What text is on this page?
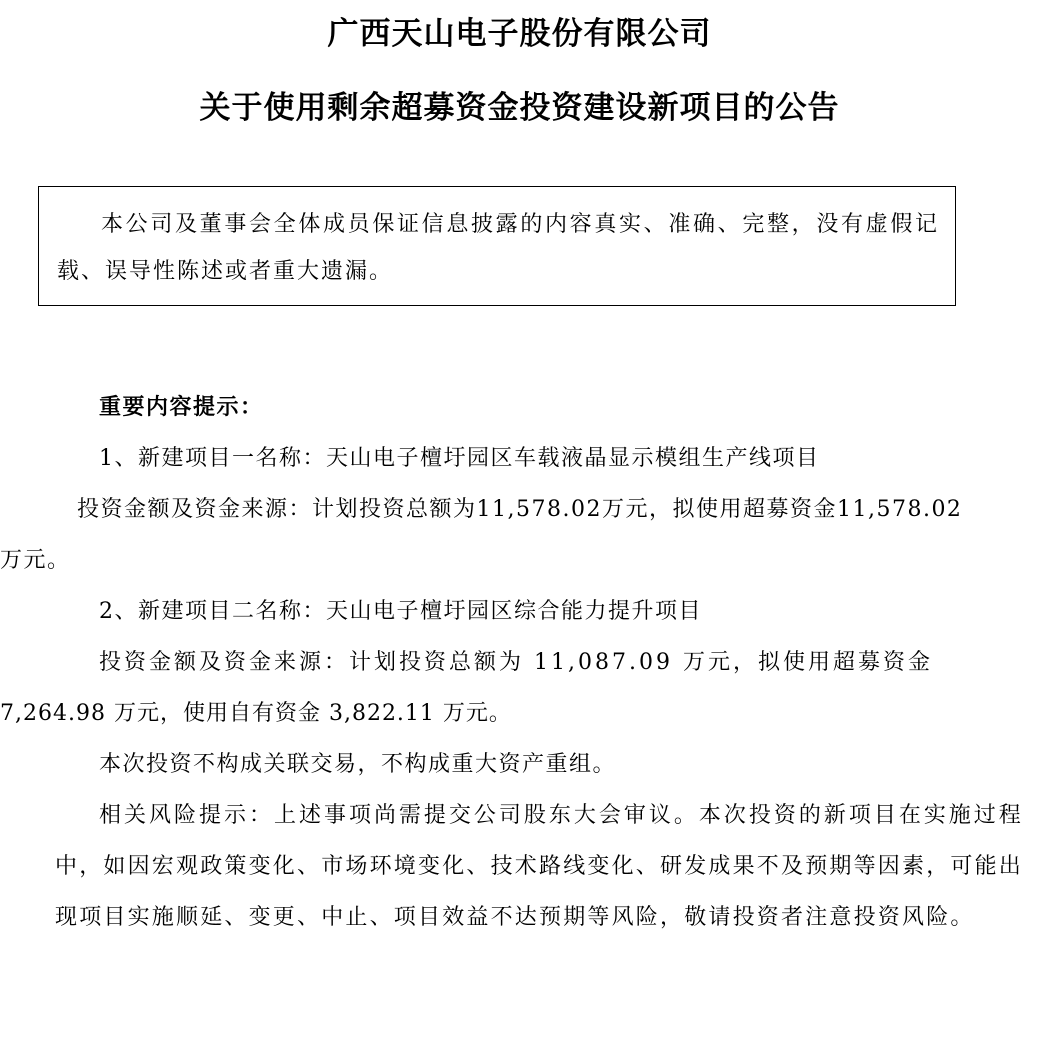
广西天山电子股份有限公司
关于使用剩余超募资金投资建设新项目的公告
本公司及董事会全体成员保证信息披露的内容真实、准确、完整，没有虚假记载、误导性陈述或者重大遗漏。

重要内容提示：

1、新建项目一名称：天山电子檀圩园区车载液晶显示模组生产线项目

投资金额及资金来源：计划投资总额为11,578.02万元，拟使用超募资金11,578.02

万元。

2、新建项目二名称：天山电子檀圩园区综合能力提升项目

投资金额及资金来源：计划投资总额为 11,087.09 万元，拟使用超募资金

7,264.98 万元，使用自有资金 3,822.11 万元。

本次投资不构成关联交易，不构成重大资产重组。

相关风险提示：上述事项尚需提交公司股东大会审议。本次投资的新项目在实施过程中，如因宏观政策变化、市场环境变化、技术路线变化、研发成果不及预期等因素，可能出现项目实施顺延、变更、中止、项目效益不达预期等风险，敬请投资者注意投资风险。
